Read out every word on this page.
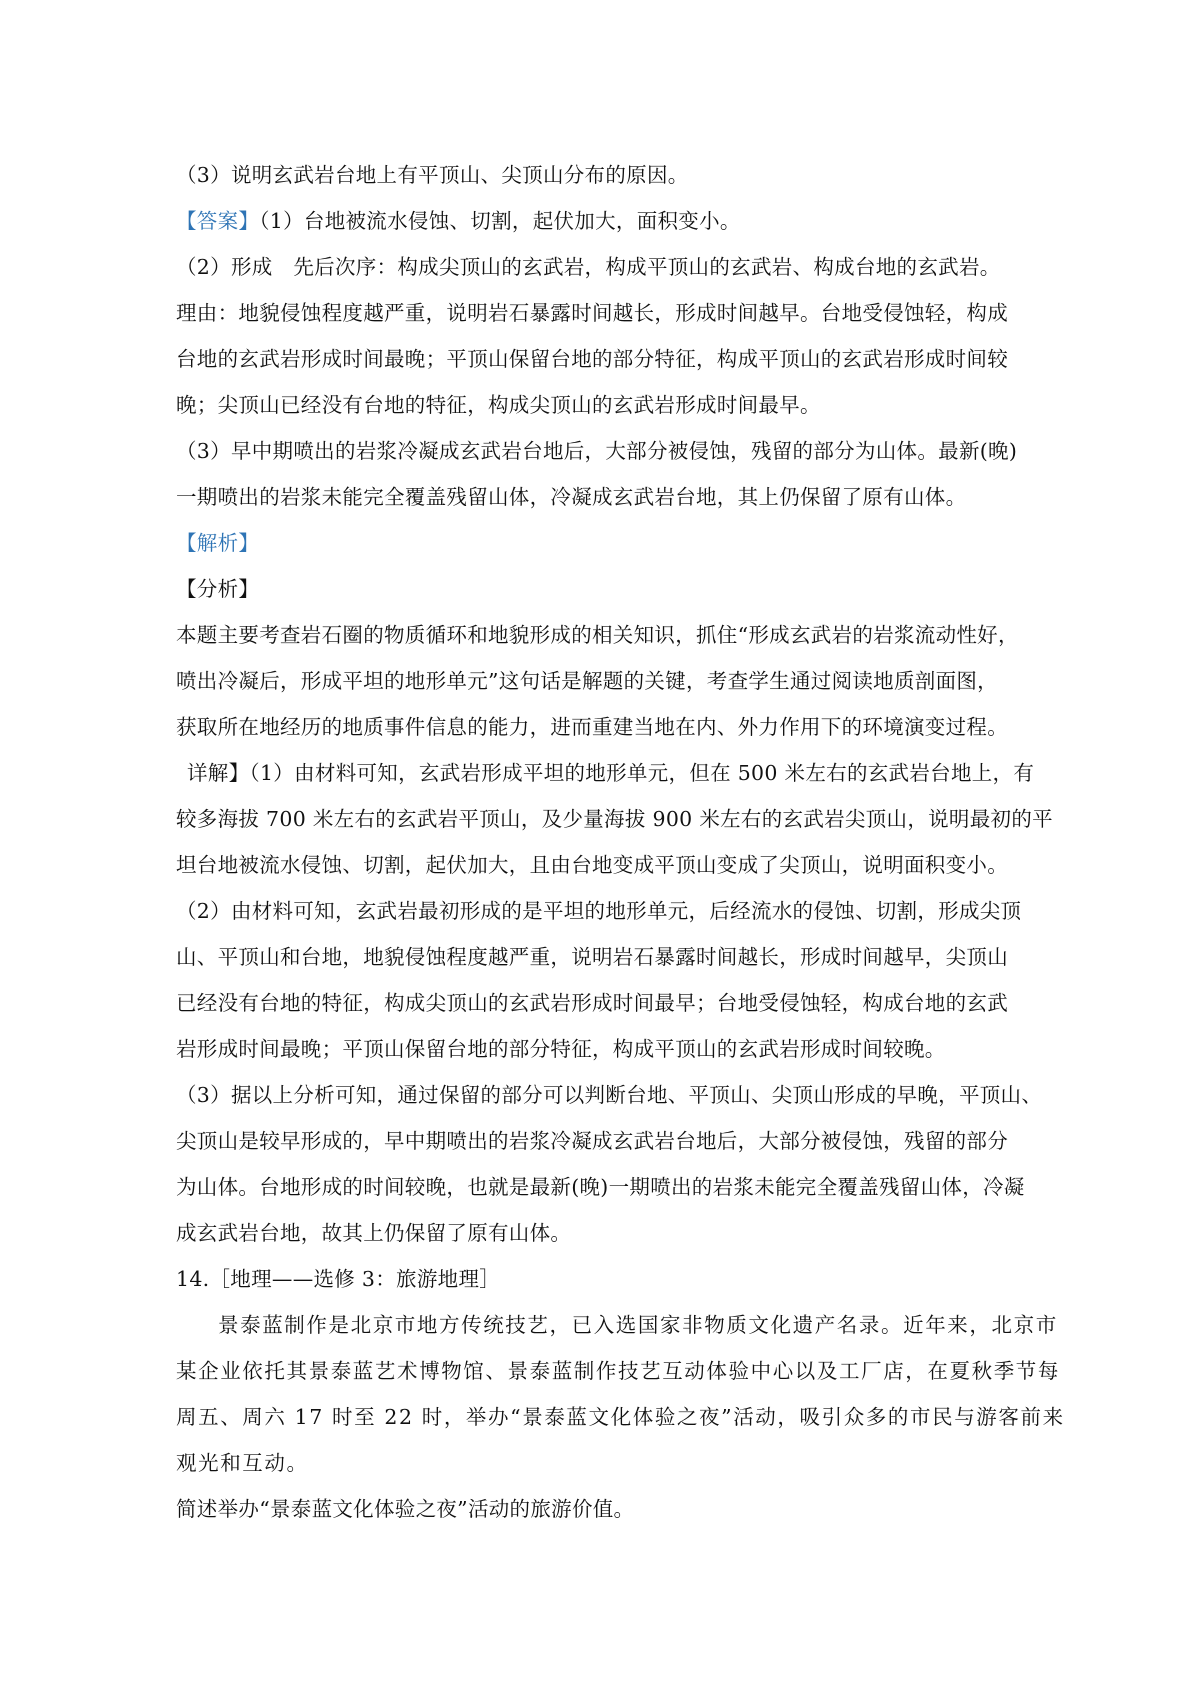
（3）说明玄武岩台地上有平顶山、尖顶山分布的原因。
【答案】（1）台地被流水侵蚀、切割，起伏加大，面积变小。
（2）形成　先后次序：构成尖顶山的玄武岩，构成平顶山的玄武岩、构成台地的玄武岩。
理由：地貌侵蚀程度越严重，说明岩石暴露时间越长，形成时间越早。台地受侵蚀轻，构成
台地的玄武岩形成时间最晚；平顶山保留台地的部分特征，构成平顶山的玄武岩形成时间较
晚；尖顶山已经没有台地的特征，构成尖顶山的玄武岩形成时间最早。
（3）早中期喷出的岩浆冷凝成玄武岩台地后，大部分被侵蚀，残留的部分为山体。最新(晚)
一期喷出的岩浆未能完全覆盖残留山体，冷凝成玄武岩台地，其上仍保留了原有山体。
【解析】
【分析】
本题主要考查岩石圈的物质循环和地貌形成的相关知识，抓住“形成玄武岩的岩浆流动性好，
喷出冷凝后，形成平坦的地形单元”这句话是解题的关键，考查学生通过阅读地质剖面图，
获取所在地经历的地质事件信息的能力，进而重建当地在内、外力作用下的环境演变过程。
详解】（1）由材料可知，玄武岩形成平坦的地形单元，但在 500 米左右的玄武岩台地上，有
较多海拔 700 米左右的玄武岩平顶山，及少量海拔 900 米左右的玄武岩尖顶山，说明最初的平
坦台地被流水侵蚀、切割，起伏加大，且由台地变成平顶山变成了尖顶山，说明面积变小。
（2）由材料可知，玄武岩最初形成的是平坦的地形单元，后经流水的侵蚀、切割，形成尖顶
山、平顶山和台地，地貌侵蚀程度越严重，说明岩石暴露时间越长，形成时间越早，尖顶山
已经没有台地的特征，构成尖顶山的玄武岩形成时间最早；台地受侵蚀轻，构成台地的玄武
岩形成时间最晚；平顶山保留台地的部分特征，构成平顶山的玄武岩形成时间较晚。
（3）据以上分析可知，通过保留的部分可以判断台地、平顶山、尖顶山形成的早晚，平顶山、
尖顶山是较早形成的，早中期喷出的岩浆冷凝成玄武岩台地后，大部分被侵蚀，残留的部分
为山体。台地形成的时间较晚，也就是最新(晚)一期喷出的岩浆未能完全覆盖残留山体，冷凝
成玄武岩台地，故其上仍保留了原有山体。
14.［地理——选修 3：旅游地理］
景泰蓝制作是北京市地方传统技艺，已入选国家非物质文化遗产名录。近年来，北京市
某企业依托其景泰蓝艺术博物馆、景泰蓝制作技艺互动体验中心以及工厂店，在夏秋季节每
周五、周六 17 时至 22 时，举办“景泰蓝文化体验之夜”活动，吸引众多的市民与游客前来
观光和互动。
简述举办“景泰蓝文化体验之夜”活动的旅游价值。
